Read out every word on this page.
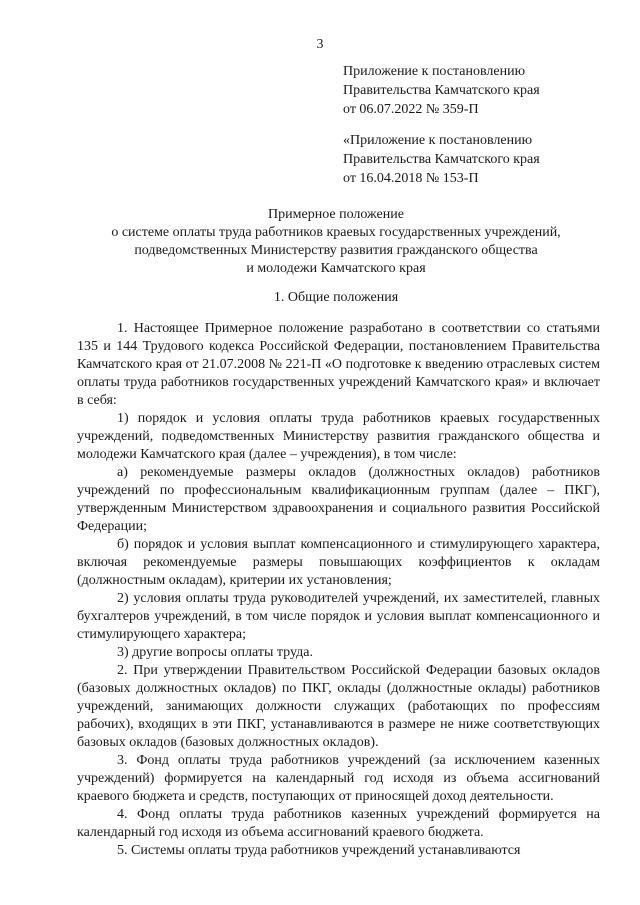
3
Приложение к постановлению
Правительства Камчатского края
от 06.07.2022 № 359-П
«Приложение к постановлению
Правительства Камчатского края
от 16.04.2018 № 153-П
Примерное положение
о системе оплаты труда работников краевых государственных учреждений,
подведомственных Министерству развития гражданского общества
и молодежи Камчатского края
1. Общие положения

1. Настоящее Примерное положение разработано в соответствии со статьями 135 и 144 Трудового кодекса Российской Федерации, постановлением Правительства Камчатского края от 21.07.2008 № 221-П «О подготовке к введению отраслевых систем оплаты труда работников государственных учреждений Камчатского края» и включает в себя:

1) порядок и условия оплаты труда работников краевых государственных учреждений, подведомственных Министерству развития гражданского общества и молодежи Камчатского края (далее – учреждения), в том числе:

а) рекомендуемые размеры окладов (должностных окладов) работников учреждений по профессиональным квалификационным группам (далее – ПКГ), утвержденным Министерством здравоохранения и социального развития Российской Федерации;

б) порядок и условия выплат компенсационного и стимулирующего характера, включая рекомендуемые размеры повышающих коэффициентов к окладам (должностным окладам), критерии их установления;

2) условия оплаты труда руководителей учреждений, их заместителей, главных бухгалтеров учреждений, в том числе порядок и условия выплат компенсационного и стимулирующего характера;

3) другие вопросы оплаты труда.

2. При утверждении Правительством Российской Федерации базовых окладов (базовых должностных окладов) по ПКГ, оклады (должностные оклады) работников учреждений, занимающих должности служащих (работающих по профессиям рабочих), входящих в эти ПКГ, устанавливаются в размере не ниже соответствующих базовых окладов (базовых должностных окладов).

3. Фонд оплаты труда работников учреждений (за исключением казенных учреждений) формируется на календарный год исходя из объема ассигнований краевого бюджета и средств, поступающих от приносящей доход деятельности.

4. Фонд оплаты труда работников казенных учреждений формируется на календарный год исходя из объема ассигнований краевого бюджета.

5. Системы оплаты труда работников учреждений устанавливаются
